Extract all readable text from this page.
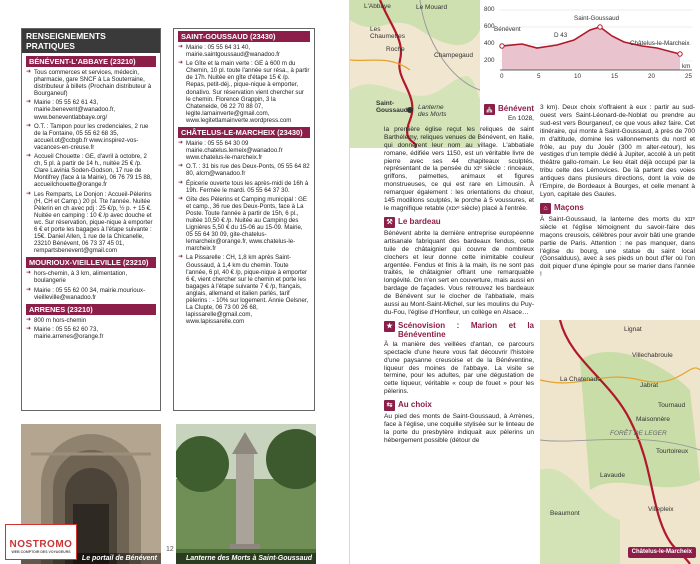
RENSEIGNEMENTS PRATIQUES
BÉNÉVENT-L'ABBAYE (23210)
➜ Tous commerces et services, médecin, pharmacie, gare SNCF à La Souterraine, distributeur à billets (Prochain distributeur à Bourganeuf)
➜ Mairie : 05 55 62 61 43, mairie.benevent@wanadoo.fr, www.beneventlabbaye.org/
➜ O.T. : Tampon pour les credenciales, 2 rue de la Fontaine, 05 55 62 68 35, accueil.ot@ccbgb.fr www.inspirez-vos-vacances-en-creuse.fr
➜ Accueil Chouette : GE, d'avril à octobre, 2 ch, 5 pl. à partir de 14 h., nuitée 25 € /p. Clare Lavinia Soden-Godson, 17 rue de Montifrey (face à la Mairie), 06 76 79 15 88, accueilchouette@orange.fr
➜ Les Remparts, Le Donjon : Accueil-Pèlerins (H, CH et Camp.) 20 pl. Tte l'année. Nuitée Pèlerin en ch avec pdj : 25 €/p, ½ p. + 15 €. Nuitée en camping : 10 € /p avec douche et wc. Sur réservation, pique-nique à emporter 6 € et porte les bagages à l'étape suivante : 15€. Daniel Allen, 1 rue de la Chicanelle, 23210 Bénévent, 06 73 37 45 01, rempartsbenevent@gmail.com
MOURIOUX-VIEILLEVILLE (23210)
➜ hors-chemin, à 3 km, alimentation, boulangerie
➜ Mairie : 05 55 62 00 34, mairie.mourioux-vieilleville@wanadoo.fr
ARRENES (23210)
➜ 800 m hors-chemin
➜ Mairie : 05 55 62 60 73, mairie.arrenes@orange.fr
SAINT-GOUSSAUD (23430)
➜ Mairie : 05 55 64 31 40, mairie.saintgoussaud@wanadoo.fr
➜ Le Gîte et la main verte : GE à 600 m du Chemin, 10 pl. toute l'année sur résa., à partir de 17h. Nuitée en gîte d'étape 15 € /p. Repas, petit-déj., pique-nique à emporter, donativo. Sur réservation vient chercher sur le chemin. Florence Grappin, 3 la Chateneide, 06 22 70 88 07, legite.lamainverte@gmail.com, www.legitetlamainverte.wordpress.com
CHÂTELUS-LE-MARCHEIX (23430)
➜ Mairie : 05 55 64 30 09 mairie.chatelus.lemeix@wanadoo.fr www.chatelus-le-marcheix.fr
➜ O.T. : 31 bis rue des Deux-Ponts, 05 55 64 82 80, alcm@wanadoo.fr
➜ Épicerie ouverte tous les après-midi de 16h à 19h. Fermée le mardi. 05 55 64 37 30.
➜ Gîte des Pèlerins et Camping municipal : GE et camp., 36 rue des Deux-Ponts, face à La Poste. Toute l'année à partir de 15h, 6 pl., nuitée 10,50 € /p. Nuitée au Camping des Lignières 5,50 € du 15-06 au 15-09. Mairie, 05 55 64 30 09, gite-chatelus-lemarcheix@orange.fr, www.chatelus-le-marcheix.fr
➜ La Pissarelle : CH, 1,8 km après Saint-Goussaud, à 1,4 km du chemin. Toute l'année, 6 pl, 40 € /p, pique-nique à emporter 6 €, vient chercher sur le chemin et porte les bagages à l'étape suivante 7 € /p, français, anglais, allemand et italien parlés, tarif pèlerins : - 10% sur logement. Annie Oelsner, La Clupte, 06 73 00 26 68, lapissarelle@gmail.com, www.lapissarelle.com
Le portail de Bénévent	Lanterne des Morts à Saint-Goussaud
12
NOSTROMO
WEB COMPTOIR DES VOYAGEURS
L'Abbaye	Le Mouard
Les Chaumettes
Roche
Champegaud
Saint-Goussaud	Lanterne des Morts
800
600
400
200
0	5	10	15	20	25
km
Bénévent
Saint-Goussaud
Châtelus-le-Marcheix
D 43
⛪ Bénévent

En 1028,

la première église reçut les reliques de saint Barthélemy, reliques venues de Bénévent, en Italie, qui donnèrent leur nom au village. L'abbatiale romane, édifiée vers 1150, est un véritable livre de pierre avec ses 44 chapiteaux sculptés, représentant de la pensée du xɪᵉ siècle : rinceaux, griffons, palmettes, animaux et figures monstrueuses, ce qui est rare en Limousin. À remarquer également : les orientations du chœur, 145 modillons sculptés, le porche à 5 voussures, et le magnifique retable (xɪxᵉ siècle) placé à l'entrée.

⚒ Le bardeau

Bénévent abrite la dernière entreprise européenne artisanale fabriquant des bardeaux fendus, cette tuile de châtaignier qui couvre de nombreux clochers et leur donne cette inimitable couleur argentée. Fendus et finis à la main, ils ne sont pas traités, le châtaignier offrant une remarquable longévité. On n'en sert en couverture, mais aussi en bardage de façades. Vous retrouvez les bardeaux de Bénévent sur le clocher de l'abbatiale, mais aussi au Mont-Saint-Michel, sur les moulins du Puy-du-Fou, l'église d'Honfleur, un collège en Alsace…

★ Scénovision : Marion et la Bénéventine

À la manière des veillées d'antan, ce parcours spectacle d'une heure vous fait découvrir l'histoire d'une paysanne creusoise et de la Bénéventine, liqueur des moines de l'abbaye. La visite se termine, pour les adultes, par une dégustation de cette liqueur, véritable « coup de fouet » pour les pèlerins.

⇆ Au choix

Au pied des monts de Saint-Goussaud, à Arrènes, face à l'église, une coquille stylisée sur le linteau de la porte du presbytère indiquait aux pèlerins un hébergement possible (détour de

3 km). Deux choix s'offraient à eux : partir au sud-ouest vers Saint-Léonard-de-Noblat ou prendre au sud-est vers Bourganeuf, ce que vous allez faire. Cet itinéraire, qui monte à Saint-Goussaud, à près de 700 m d'altitude, domine les vallonnements du nord et frôle, au puy du Jouër (300 m alter-retour), les vestiges d'un temple dédié à Jupiter, accolé à un petit théâtre gallo-romain. Le lieu était déjà occupé par la tribu celte des Lémovices. De là partent des voies antiques dans plusieurs directions, dont la voie de l'Empire, de Bordeaux à Bourges, et celle menant à Lyon, capitale des Gaules.

⌂ Maçons

À Saint-Goussaud, la lanterne des morts du xɪɪᵉ siècle et l'église témoignent du savoir-faire des maçons creusois, célèbres pour avoir bâti une grande partie de Paris. Attention : ne pas manquer, dans l'église du bourg, une statue du saint local (Gonsalduus), avec à ses pieds un bout d'fer où l'on doit piquer d'une épingle pour se marier dans l'année !

Lignat
La Chatenade
Villechabroule
Jabrat
Tournaud
Maisonnère
FORÊT DE LEGER
Tourtoireux
Lavaude
Beaumont
Villepleix
Châtelus-le-Marcheix
